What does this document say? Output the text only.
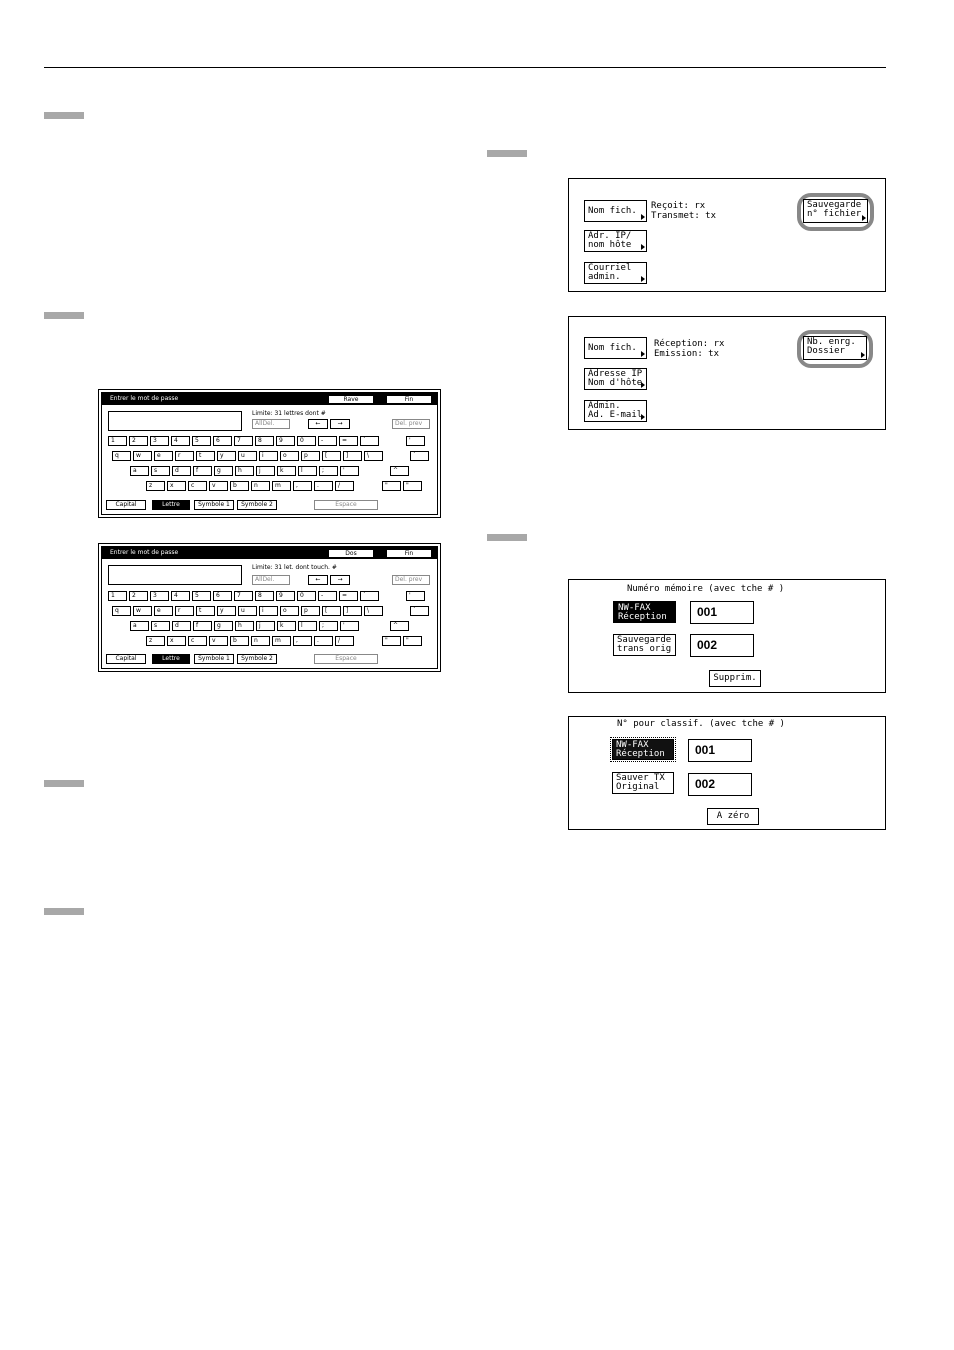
Entrer le mot de passe	Rave	Fin
Limite: 31 lettres dont #
AllDel.	←	→	Del. prev
1	2	3	4	5	6	7	8	9	0	-	=	`	'
q	w	e	r	t	y	u	i	o	p	[	]	\	`
a	s	d	f	g	h	j	k	l	;	'	^
z	x	c	v	b	n	m	,	.	/	"	"
Capital	Lettre	Symbole 1	Symbole 2	Espace
Entrer le mot de passe	Dos	Fin
Limite: 31 let. dont touch. #
AllDel.	←	→	Del. prev
1	2	3	4	5	6	7	8	9	0	-	=	`	'
q	w	e	r	t	y	u	i	o	p	[	]	\	`
a	s	d	f	g	h	j	k	l	;	'	^
z	x	c	v	b	n	m	,	.	/	"	"
Capital	Lettre	Symbole 1	Symbole 2	Espace
Nom fich.	Reçoit: rx
Transmet: tx
Adr. IP/
nom hôte
Courriel
admin.
Sauvegarde
n° fichier
Nom fich.	Réception: rx
Emission: tx
Adresse IP
Nom d'hôte
Admin.
Ad. E-mail
Nb. enrg.
Dossier
Numéro mémoire (avec tche # )
NW-FAX
Réception	001
Sauvegarde
trans orig	002
Supprim.
N° pour classif. (avec tche # )
NW-FAX
Réception	001
Sauver TX
Original	002
A zéro
